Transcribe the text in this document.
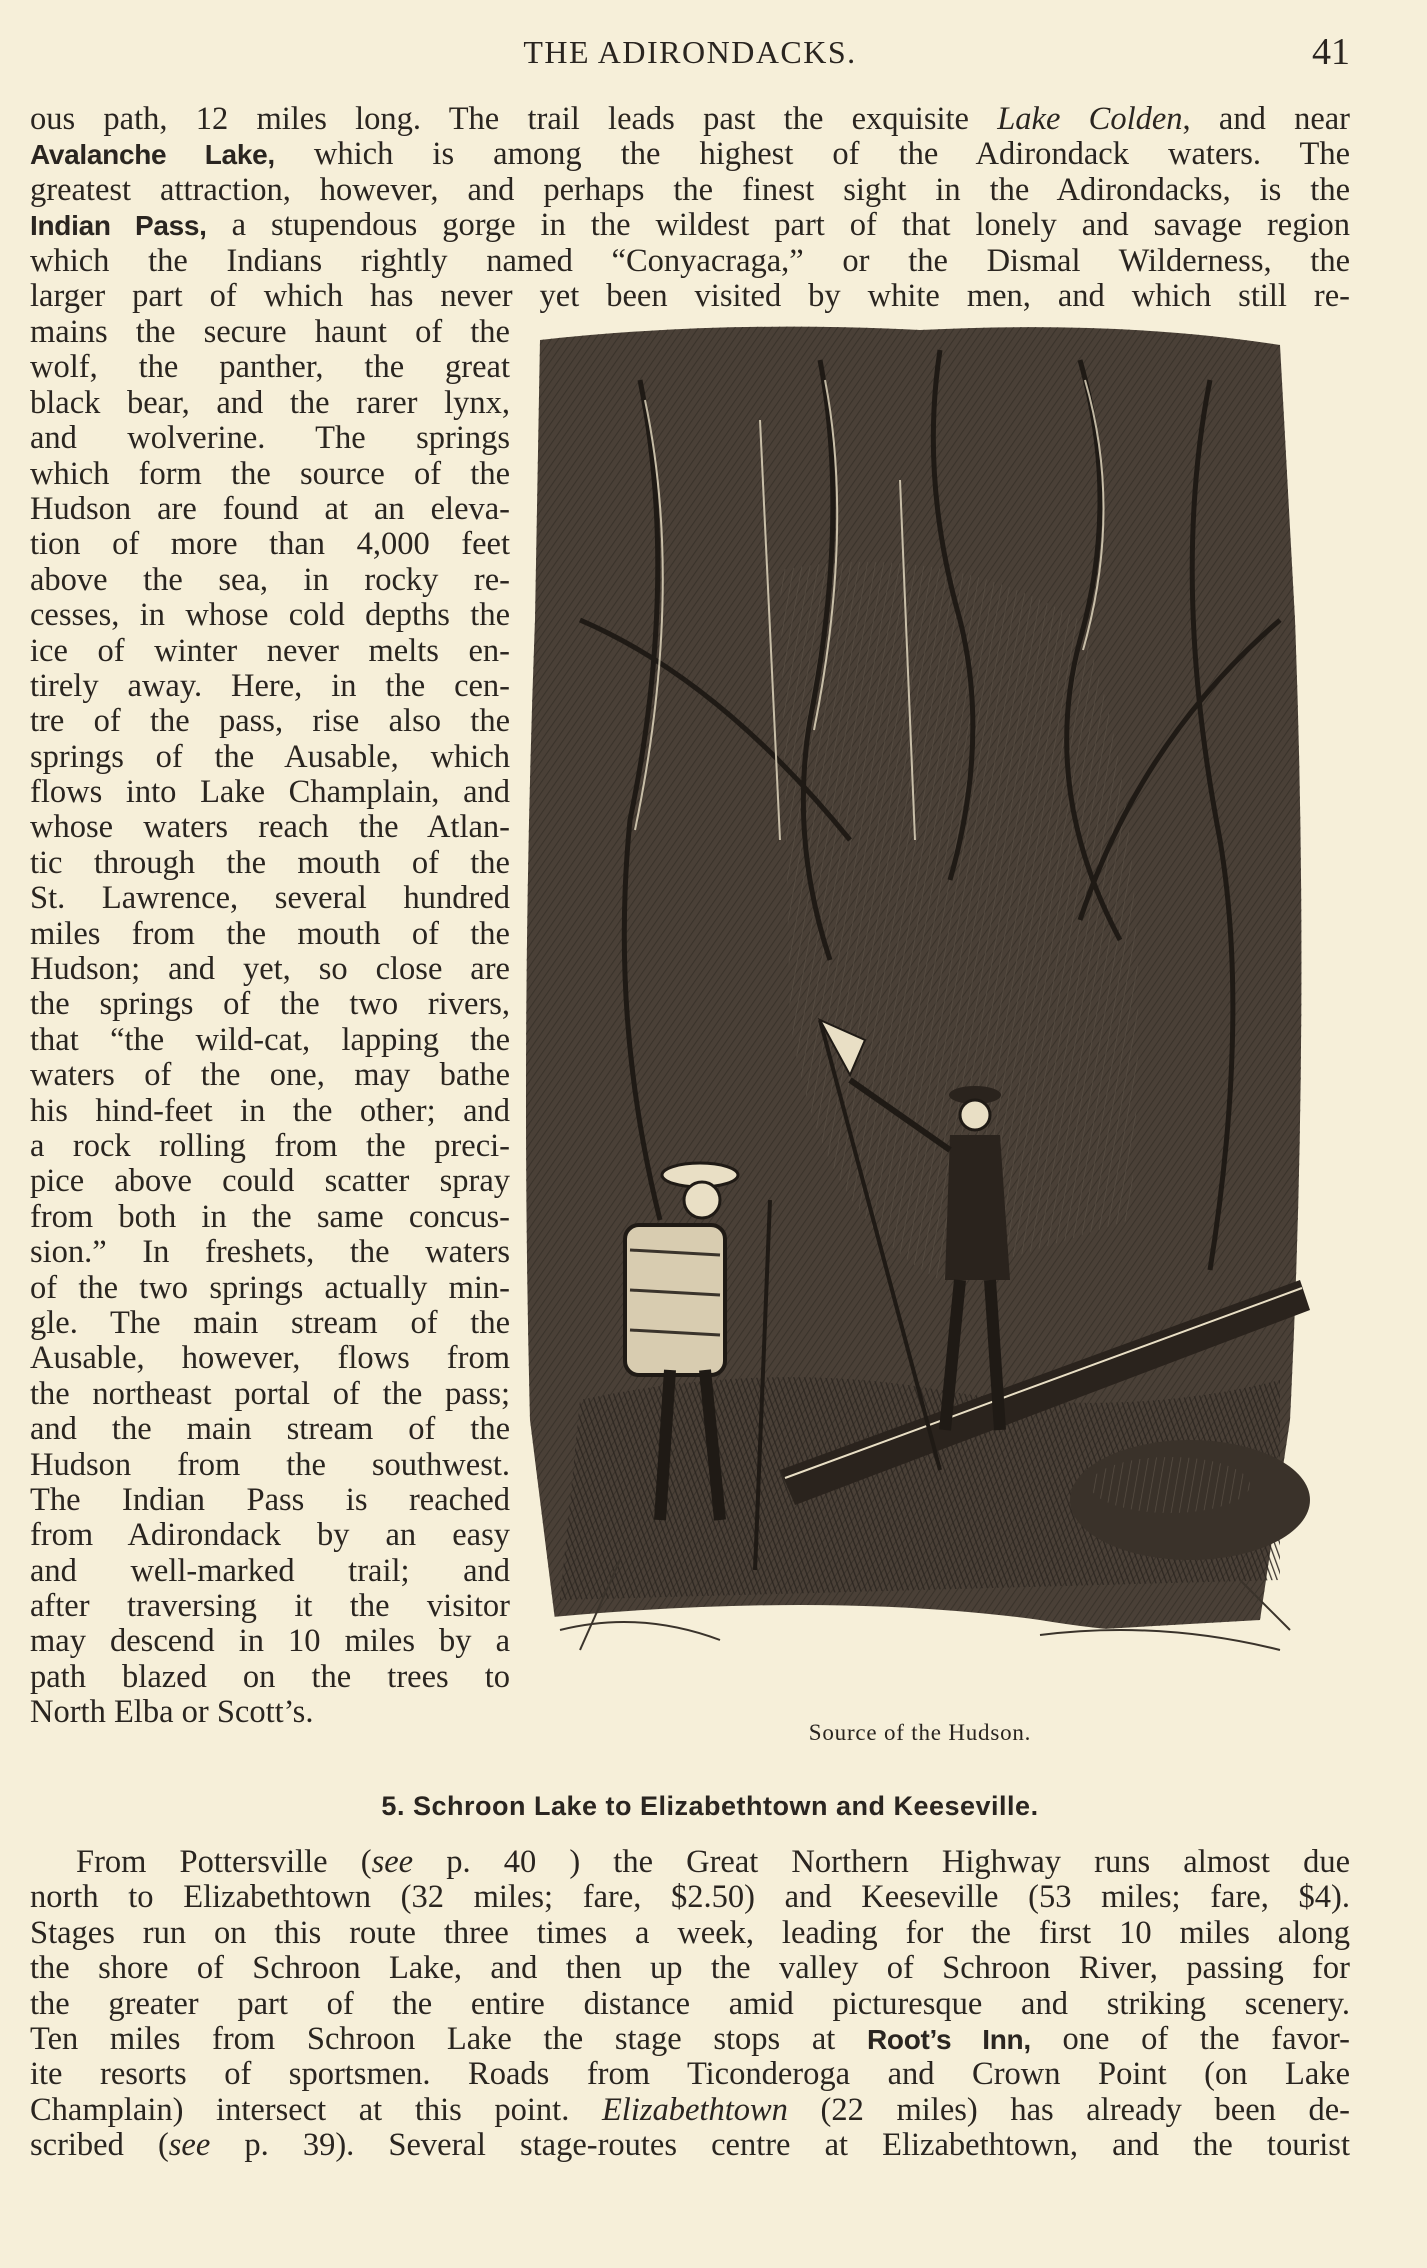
THE ADIRONDACKS.	41
ous path, 12 miles long. The trail leads past the exquisite Lake Colden, and near
Avalanche Lake, which is among the highest of the Adirondack waters. The
greatest attraction, however, and perhaps the finest sight in the Adirondacks, is the
Indian Pass, a stupendous gorge in the wildest part of that lonely and savage region
which the Indians rightly named “Conyacraga,” or the Dismal Wilderness, the
larger part of which has never yet been visited by white men, and which still re-
mains the secure haunt of the
wolf, the panther, the great
black bear, and the rarer lynx,
and wolverine. The springs
which form the source of the
Hudson are found at an eleva-
tion of more than 4,000 feet
above the sea, in rocky re-
cesses, in whose cold depths the
ice of winter never melts en-
tirely away. Here, in the cen-
tre of the pass, rise also the
springs of the Ausable, which
flows into Lake Champlain, and
whose waters reach the Atlan-
tic through the mouth of the
St. Lawrence, several hundred
miles from the mouth of the
Hudson; and yet, so close are
the springs of the two rivers,
that “the wild-cat, lapping the
waters of the one, may bathe
his hind-feet in the other; and
a rock rolling from the preci-
pice above could scatter spray
from both in the same concus-
sion.” In freshets, the waters
of the two springs actually min-
gle. The main stream of the
Ausable, however, flows from
the northeast portal of the pass;
and the main stream of the
Hudson from the southwest.
The Indian Pass is reached
from Adirondack by an easy
and well-marked trail; and
after traversing it the visitor
may descend in 10 miles by a
path blazed on the trees to
North Elba or Scott’s.
Source of the Hudson.
5. Schroon Lake to Elizabethtown and Keeseville.
From Pottersville (see p. 40 ) the Great Northern Highway runs almost due
north to Elizabethtown (32 miles; fare, $2.50) and Keeseville (53 miles; fare, $4).
Stages run on this route three times a week, leading for the first 10 miles along
the shore of Schroon Lake, and then up the valley of Schroon River, passing for
the greater part of the entire distance amid picturesque and striking scenery.
Ten miles from Schroon Lake the stage stops at Root’s Inn, one of the favor-
ite resorts of sportsmen. Roads from Ticonderoga and Crown Point (on Lake
Champlain) intersect at this point. Elizabethtown (22 miles) has already been de-
scribed (see p. 39). Several stage-routes centre at Elizabethtown, and the tourist
